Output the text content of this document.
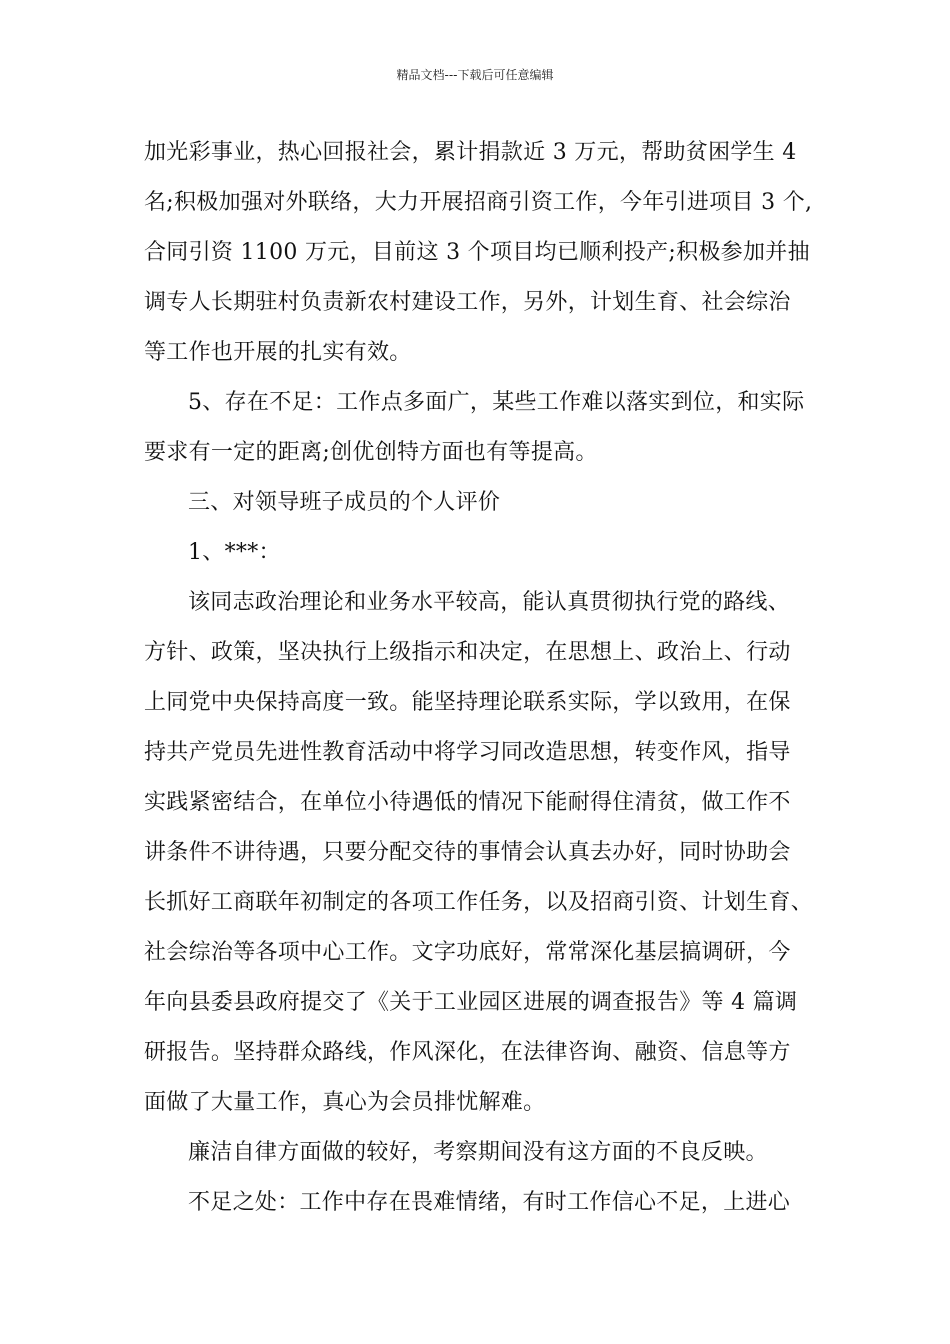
精品文档---下载后可任意编辑
加光彩事业，热心回报社会，累计捐款近 3 万元，帮助贫困学生 4
名;积极加强对外联络，大力开展招商引资工作，今年引进项目 3 个,
合同引资 1100 万元，目前这 3 个项目均已顺利投产;积极参加并抽
调专人长期驻村负责新农村建设工作，另外，计划生育、社会综治
等工作也开展的扎实有效。
5、存在不足：工作点多面广，某些工作难以落实到位，和实际
要求有一定的距离;创优创特方面也有等提高。
三、对领导班子成员的个人评价
1、***：
该同志政治理论和业务水平较高，能认真贯彻执行党的路线、
方针、政策，坚决执行上级指示和决定，在思想上、政治上、行动
上同党中央保持高度一致。能坚持理论联系实际，学以致用，在保
持共产党员先进性教育活动中将学习同改造思想，转变作风，指导
实践紧密结合，在单位小待遇低的情况下能耐得住清贫，做工作不
讲条件不讲待遇，只要分配交待的事情会认真去办好，同时协助会
长抓好工商联年初制定的各项工作任务，以及招商引资、计划生育、
社会综治等各项中心工作。文字功底好，常常深化基层搞调研，今
年向县委县政府提交了《关于工业园区进展的调查报告》等 4 篇调
研报告。坚持群众路线，作风深化，在法律咨询、融资、信息等方
面做了大量工作，真心为会员排忧解难。
廉洁自律方面做的较好，考察期间没有这方面的不良反映。
不足之处：工作中存在畏难情绪，有时工作信心不足，上进心
